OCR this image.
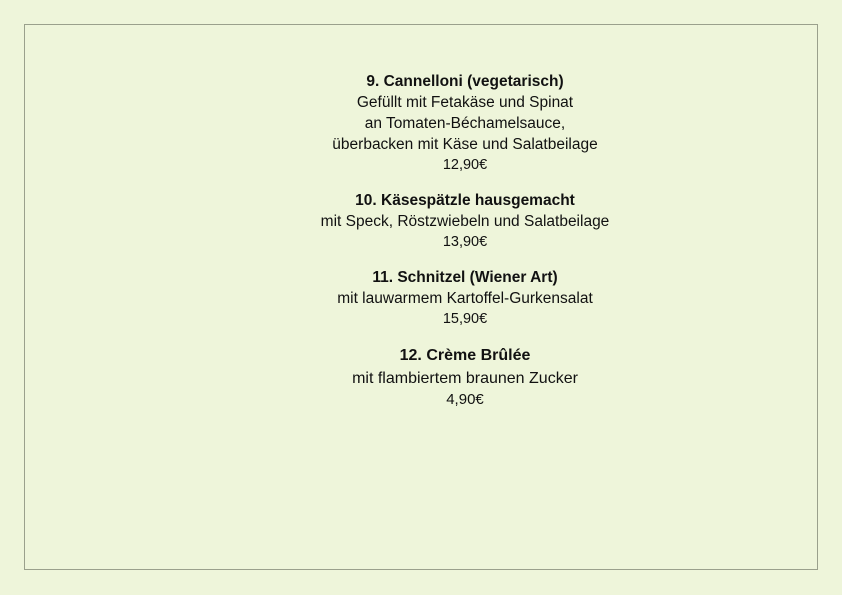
9. Cannelloni (vegetarisch)

Gefüllt mit Fetakäse und Spinat

an Tomaten-Béchamelsauce,

überbacken mit Käse und Salatbeilage

12,90€

10. Käsespätzle hausgemacht

mit Speck, Röstzwiebeln und Salatbeilage

13,90€

11. Schnitzel (Wiener Art)

mit lauwarmem Kartoffel-Gurkensalat

15,90€

12. Crème Brûlée

mit flambiertem braunen Zucker

4,90€
